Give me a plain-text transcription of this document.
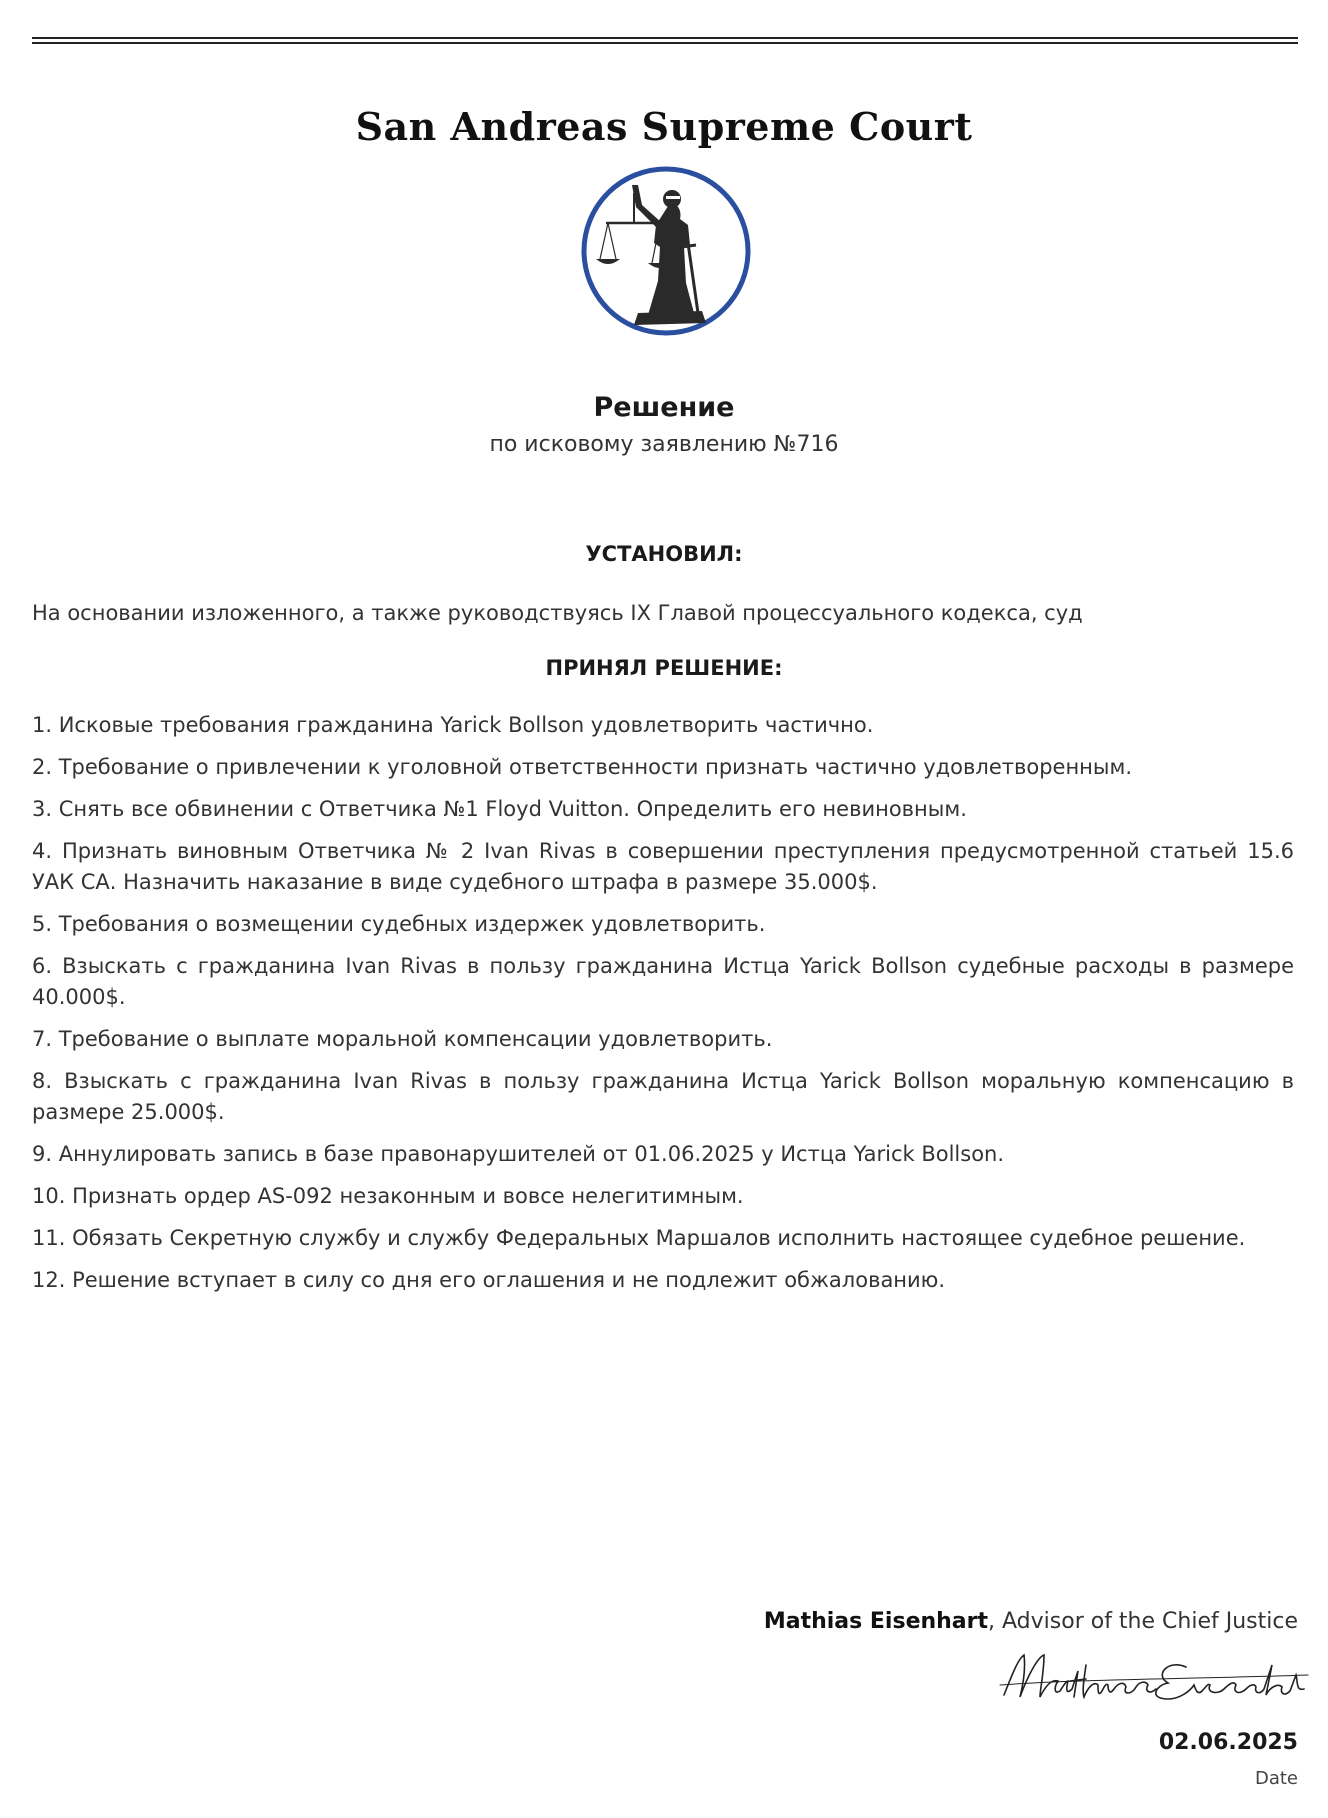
San Andreas Supreme Court
Решение
по исковому заявлению №716
УСТАНОВИЛ:
На основании изложенного, а также руководствуясь IX Главой процессуального кодекса, суд
ПРИНЯЛ РЕШЕНИЕ:
1. Исковые требования гражданина Yarick Bollson удовлетворить частично.
2. Требование о привлечении к уголовной ответственности признать частично удовлетворенным.
3. Снять все обвинении с Ответчика №1 Floyd Vuitton. Определить его невиновным.
4. Признать виновным Ответчика № 2 Ivan Rivas в совершении преступления предусмотренной статьей 15.6 УАК СА. Назначить наказание в виде судебного штрафа в размере 35.000$.
5. Требования о возмещении судебных издержек удовлетворить.
6. Взыскать с гражданина Ivan Rivas в пользу гражданина Истца Yarick Bollson судебные расходы в размере 40.000$.
7. Требование о выплате моральной компенсации удовлетворить.
8. Взыскать с гражданина Ivan Rivas в пользу гражданина Истца Yarick Bollson моральную компенсацию в размере 25.000$.
9. Аннулировать запись в базе правонарушителей от 01.06.2025 у Истца Yarick Bollson.
10. Признать ордер AS-092 незаконным и вовсе нелегитимным.
11. Обязать Секретную службу и службу Федеральных Маршалов исполнить настоящее судебное решение.
12. Решение вступает в силу со дня его оглашения и не подлежит обжалованию.
Mathias Eisenhart, Advisor of the Chief Justice
02.06.2025
Date
